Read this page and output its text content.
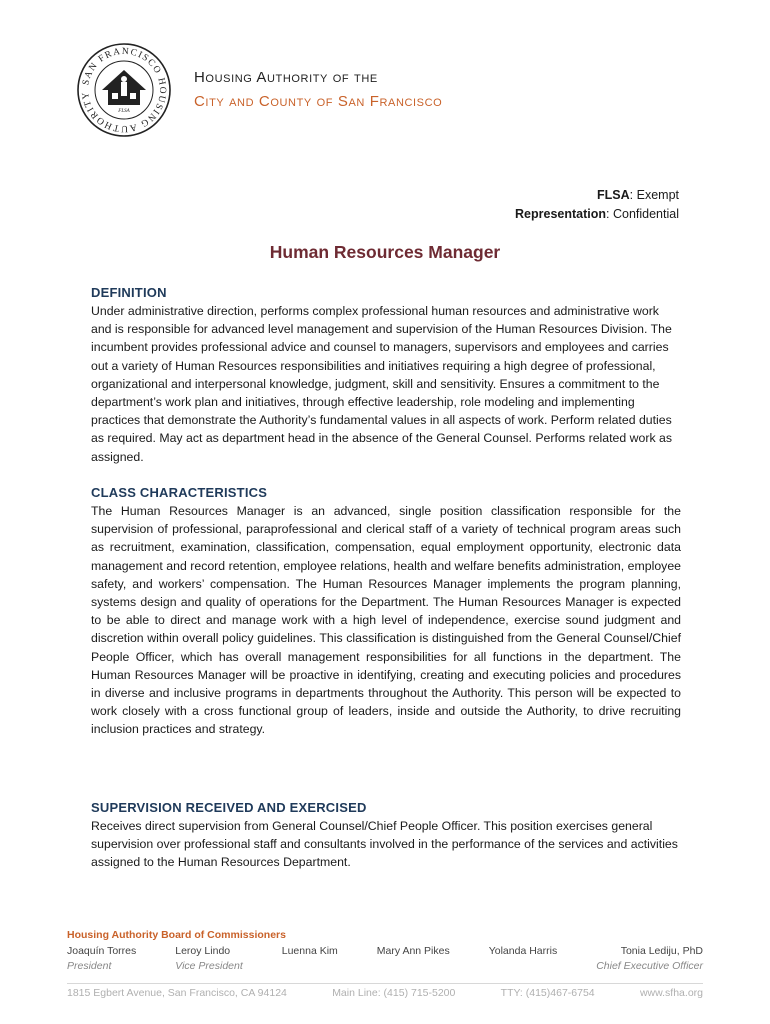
SAN FRANCISCO HOUSING AUTHORITY
FLSA
Housing Authority of the
City and County of San Francisco
FLSA: Exempt
Representation: Confidential
Human Resources Manager
DEFINITION

Under administrative direction, performs complex professional human resources and administrative work and is responsible for advanced level management and supervision of the Human Resources Division. The incumbent provides professional advice and counsel to managers, supervisors and employees and carries out a variety of Human Resources responsibilities and initiatives requiring a high degree of professional, organizational and interpersonal knowledge, judgment, skill and sensitivity. Ensures a commitment to the department’s work plan and initiatives, through effective leadership, role modeling and implementing practices that demonstrate the Authority’s fundamental values in all aspects of work. Perform related duties as required. May act as department head in the absence of the General Counsel. Performs related work as assigned.

CLASS CHARACTERISTICS

The Human Resources Manager is an advanced, single position classification responsible for the supervision of professional, paraprofessional and clerical staff of a variety of technical program areas such as recruitment, examination, classification, compensation, equal employment opportunity, electronic data management and record retention, employee relations, health and welfare benefits administration, employee safety, and workers’ compensation. The Human Resources Manager implements the program planning, systems design and quality of operations for the Department. The Human Resources Manager is expected to be able to direct and manage work with a high level of independence, exercise sound judgment and discretion within overall policy guidelines. This classification is distinguished from the General Counsel/Chief People Officer, which has overall management responsibilities for all functions in the department. The Human Resources Manager will be proactive in identifying, creating and executing policies and procedures in diverse and inclusive programs in departments throughout the Authority. This person will be expected to work closely with a cross functional group of leaders, inside and outside the Authority, to drive recruiting inclusion practices and strategy.

SUPERVISION RECEIVED AND EXERCISED

Receives direct supervision from General Counsel/Chief People Officer. This position exercises general supervision over professional staff and consultants involved in the performance of the services and activities assigned to the Human Resources Department.

Housing Authority Board of Commissioners
Joaquín Torres
President
Leroy Lindo
Vice President
Luenna Kim	Mary Ann Pikes	Yolanda Harris	Tonia Lediju, PhD
Chief Executive Officer
1815 Egbert Avenue, San Francisco, CA 94124	Main Line: (415) 715-5200	TTY: (415)467-6754	www.sfha.org
